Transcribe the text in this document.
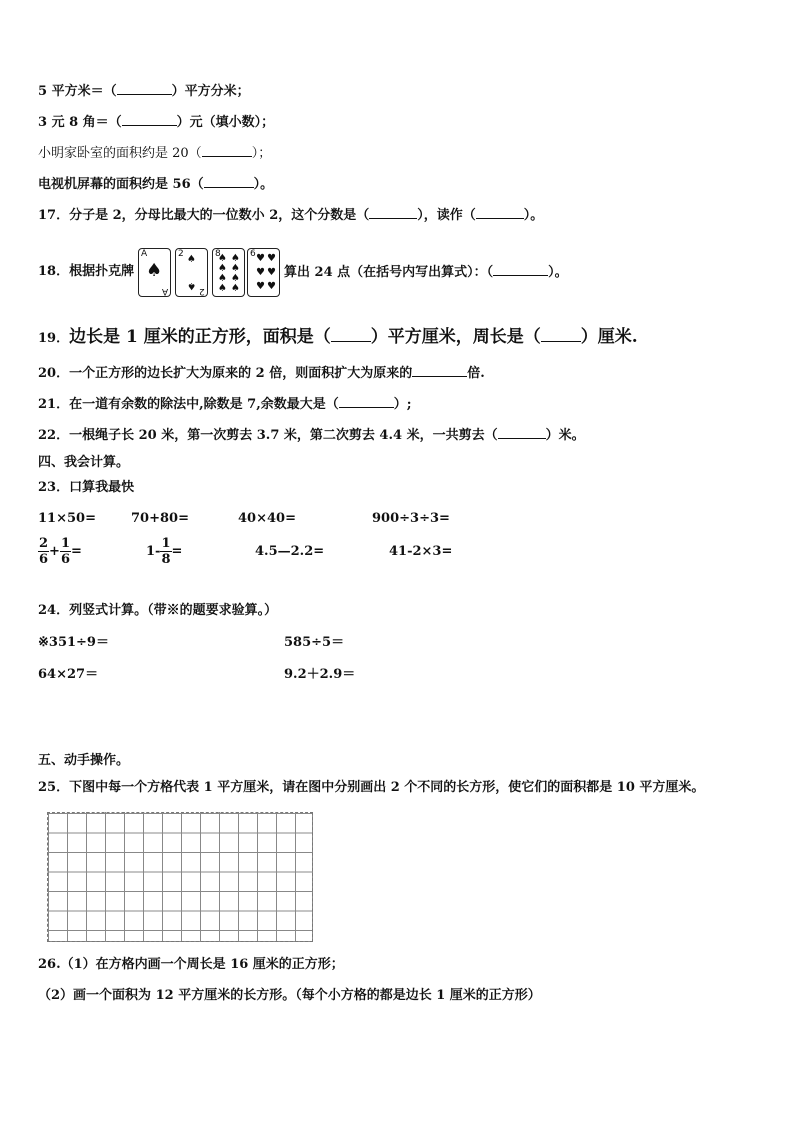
5 平方米＝（	）平方分米；
3 元 8 角＝（	）元（填小数）；
小明家卧室的面积约是 20（	）；
电视机屏幕的面积约是 56（	）。
17．分子是 2，分母比最大的一位数小 2，这个分数是（	），读作（	）。
18．根据扑克牌
A
♠
A
2 ♠
♠ 2
8
♠ ♠
♠ ♠
♠ ♠
♠ ♠
6 ♥ ♥
♥ ♥
♥ ♥
算出 24 点（在括号内写出算式）：（	）。
19．边长是 1 厘米的正方形，面积是（ ）平方厘米，周长是（ ）厘米.
20．一个正方形的边长扩大为原来的 2 倍，则面积扩大为原来的	倍.
21．在一道有余数的除法中,除数是 7,余数最大是（	）;
22．一根绳子长 20 米，第一次剪去 3.7 米，第二次剪去 4.4 米，一共剪去（	）米。
四、我会计算。
23．口算我最快
11×50=	70+80=	40×40=	900÷3÷3=
$\frac{2}{6} + \frac{1}{6}$ =	$1- \frac{1}{8}$ =	4.5—2.2=	41-2×3=
24．列竖式计算。（带※的题要求验算。）
※351÷9＝	585÷5＝
64×27＝	9.2＋2.9＝
五、动手操作。
25．下图中每一个方格代表 1 平方厘米，请在图中分别画出 2 个不同的长方形，使它们的面积都是 10 平方厘米。
26.（1）在方格内画一个周长是 16 厘米的正方形；
（2）画一个面积为 12 平方厘米的长方形。（每个小方格的都是边长 1 厘米的正方形）
